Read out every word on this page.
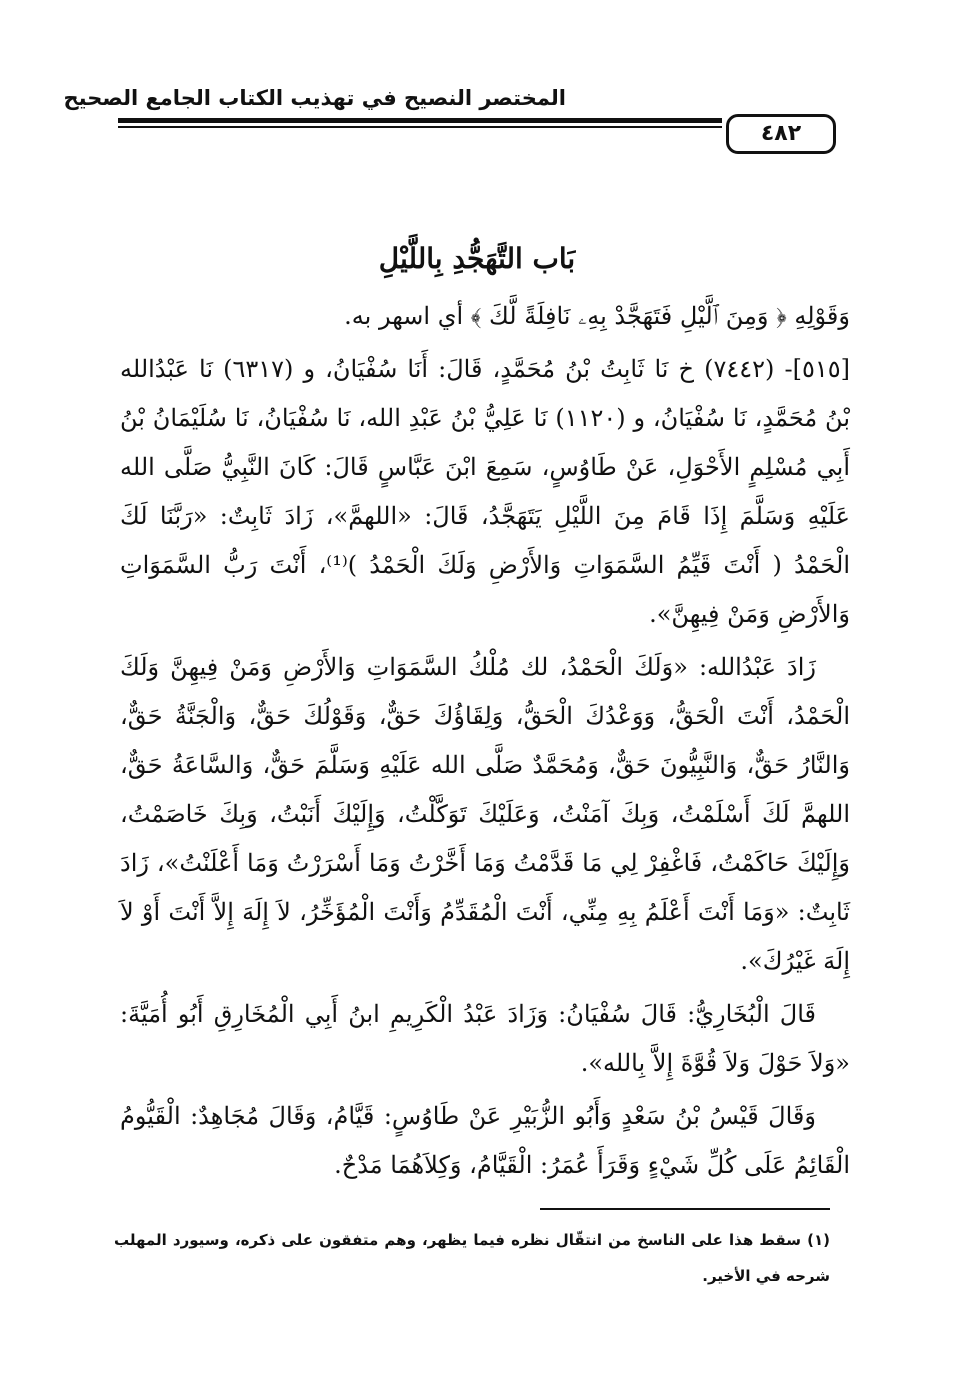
المختصر النصيح في تهذيب الكتاب الجامع الصحيح
٤٨٢
بَاب التَّهَجُّدِ بِاللَّيْلِ

وَقَوْلِهِ ﴿ وَمِنَ ٱلَّيْلِ فَتَهَجَّدْ بِهِۦ نَافِلَةً لَّكَ ﴾ أي اسهر به.

[٥١٥]- (٧٤٤٢) خ نَا ثَابِتُ بْنُ مُحَمَّدٍ، قَالَ: أَنَا سُفْيَانُ، و (٦٣١٧) نَا عَبْدُالله بْنُ مُحَمَّدٍ، نَا سُفْيَانُ، و (١١٢٠) نَا عَلِيُّ بْنُ عَبْدِ الله، نَا سُفْيَانُ، نَا سُلَيْمَانُ بْنُ أَبِي مُسْلِمٍ الأَحْوَلِ، عَنْ طَاوُسٍ، سَمِعَ ابْنَ عَبَّاسٍ قَالَ: كَانَ النَّبِيُّ صَلَّى الله عَلَيْهِ وَسَلَّمَ إِذَا قَامَ مِنَ اللَّيْلِ يَتَهَجَّدُ، قَالَ: «اللهمَّ»، زَادَ ثَابِتٌ: «رَبَّنَا لَكَ الْحَمْدُ ( أَنْتَ قَيِّمُ السَّمَوَاتِ وَالأَرْضِ وَلَكَ الْحَمْدُ )⁽¹⁾، أَنْتَ رَبُّ السَّمَوَاتِ وَالأَرْضِ وَمَنْ فِيهِنَّ».

زَادَ عَبْدُالله: «وَلَكَ الْحَمْدُ، لك مُلْكُ السَّمَوَاتِ وَالأَرْضِ وَمَنْ فِيهِنَّ وَلَكَ الْحَمْدُ، أَنْتَ الْحَقُّ، وَوَعْدُكَ الْحَقُّ، وَلِقَاؤُكَ حَقٌّ، وَقَوْلُكَ حَقٌّ، وَالْجَنَّةُ حَقٌّ، وَالنَّارُ حَقٌّ، وَالنَّبِيُّونَ حَقٌّ، وَمُحَمَّدٌ صَلَّى الله عَلَيْهِ وَسَلَّمَ حَقٌّ، وَالسَّاعَةُ حَقٌّ، اللهمَّ لَكَ أَسْلَمْتُ، وَبِكَ آمَنْتُ، وَعَلَيْكَ تَوَكَّلْتُ، وَإِلَيْكَ أَنَبْتُ، وَبِكَ خَاصَمْتُ، وَإِلَيْكَ حَاكَمْتُ، فَاغْفِرْ لِي مَا قَدَّمْتُ وَمَا أَخَّرْتُ وَمَا أَسْرَرْتُ وَمَا أَعْلَنْتُ»، زَادَ ثَابِتٌ: «وَمَا أَنْتَ أَعْلَمُ بِهِ مِنِّي، أَنْتَ الْمُقَدِّمُ وَأَنْتَ الْمُؤَخِّرُ، لاَ إِلَهَ إِلاَّ أَنْتَ أَوْ لاَ إِلَهَ غَيْرُكَ».

قَالَ الْبُخَارِيُّ: قَالَ سُفْيَانُ: وَزَادَ عَبْدُ الْكَرِيمِ ابنُ أَبِي الْمُخَارِقِ أَبُو أُمَيَّةَ: «وَلاَ حَوْلَ وَلاَ قُوَّةَ إِلاَّ بِالله».

وَقَالَ قَيْسُ بْنُ سَعْدٍ وَأَبُو الزُّبَيْرِ عَنْ طَاوُسٍ: قَيَّامُ، وَقَالَ مُجَاهِدٌ: الْقَيُّومُ الْقَائِمُ عَلَى كُلِّ شَيْءٍ وَقَرَأَ عُمَرُ: الْقَيَّامُ، وَكِلاَهُمَا مَدْحٌ.

(١) سقط هذا على الناسخ من انتقّال نظره فيما يظهر، وهم متفقون على ذكره، وسيورد المهلب شرحه في الأخير.
